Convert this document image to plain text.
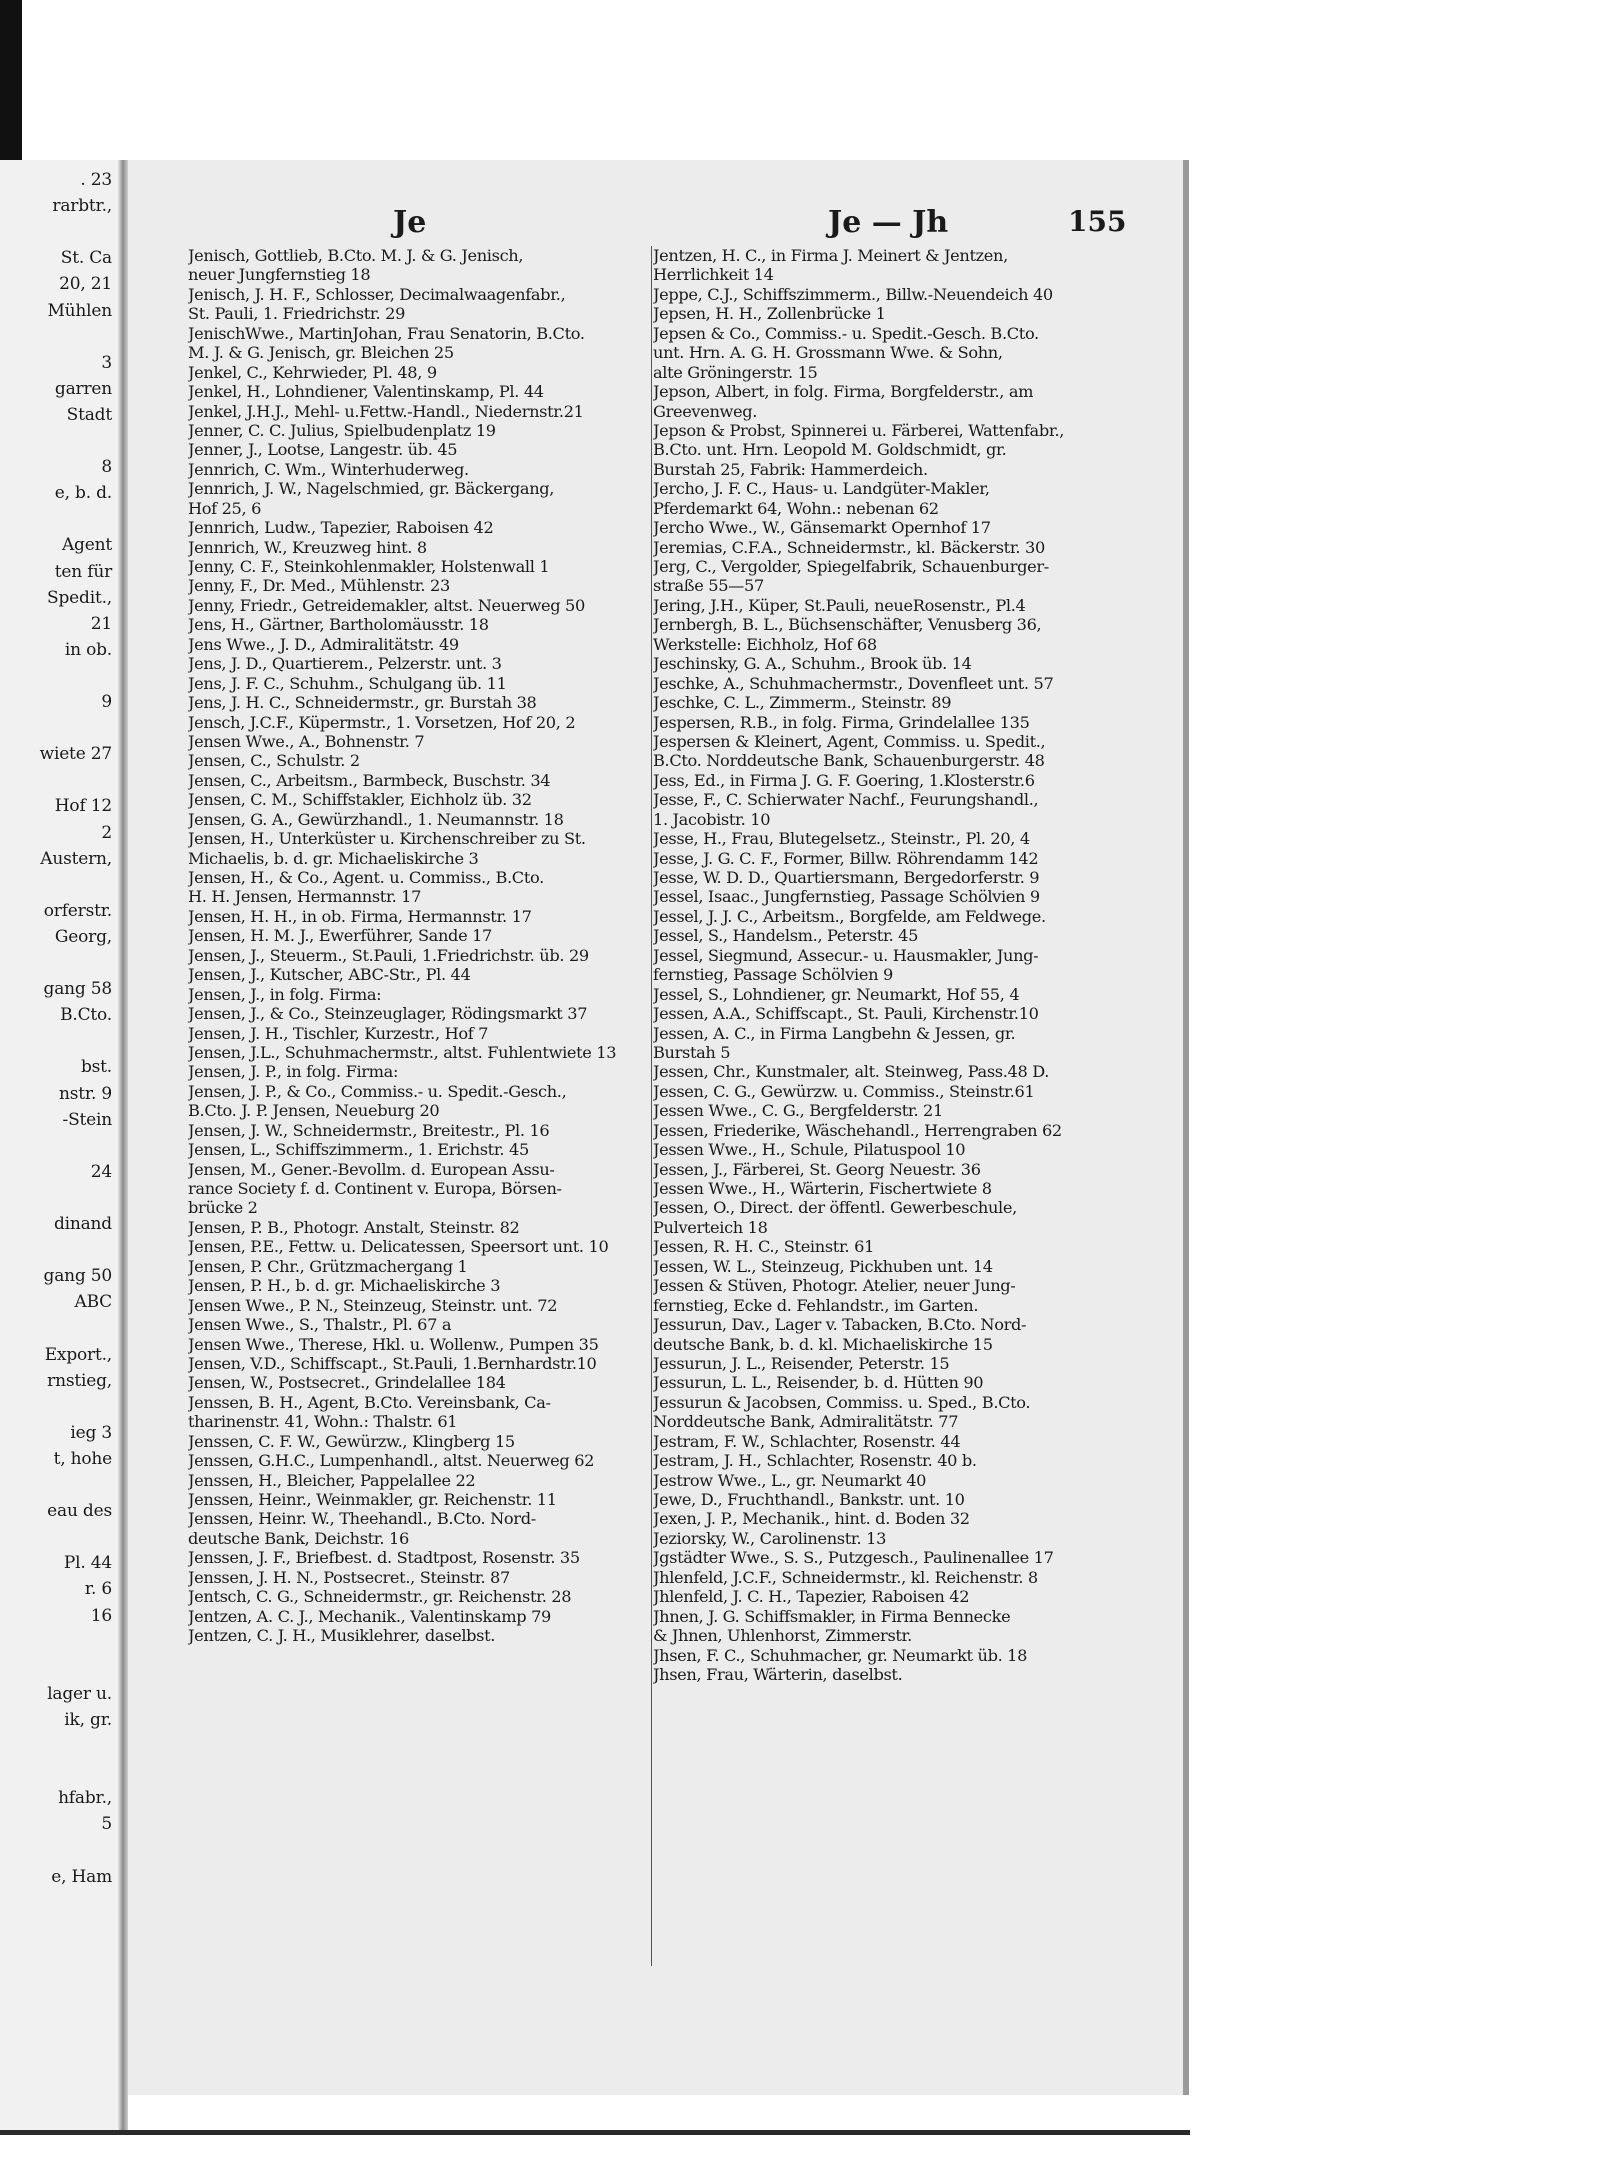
. 23
rarbtr.,
St. Ca
20, 21
Mühlen
3
garren
Stadt
8
e, b. d.
Agent
ten für
Spedit.,
21
in ob.
9
wiete 27
Hof 12
2
Austern,
orferstr.
Georg,
gang 58
B.Cto.
bst.
nstr. 9
-Stein
24
dinand
gang 50
ABC
Export.,
rnstieg,
ieg 3
t, hohe
eau des
Pl. 44
r. 6
16
lager u.
ik, gr.
hfabr.,
5
e, Ham
Je	Je — Jh	155
Jenisch, Gottlieb, B.Cto. M. J. & G. Jenisch,
neuer Jungfernstieg 18
Jenisch, J. H. F., Schlosser, Decimalwaagenfabr.,
St. Pauli, 1. Friedrichstr. 29
JenischWwe., MartinJohan, Frau Senatorin, B.Cto.
M. J. & G. Jenisch, gr. Bleichen 25
Jenkel, C., Kehrwieder, Pl. 48, 9
Jenkel, H., Lohndiener, Valentinskamp, Pl. 44
Jenkel, J.H.J., Mehl- u.Fettw.-Handl., Niedernstr.21
Jenner, C. C. Julius, Spielbudenplatz 19
Jenner, J., Lootse, Langestr. üb. 45
Jennrich, C. Wm., Winterhuderweg.
Jennrich, J. W., Nagelschmied, gr. Bäckergang,
Hof 25, 6
Jennrich, Ludw., Tapezier, Raboisen 42
Jennrich, W., Kreuzweg hint. 8
Jenny, C. F., Steinkohlenmakler, Holstenwall 1
Jenny, F., Dr. Med., Mühlenstr. 23
Jenny, Friedr., Getreidemakler, altst. Neuerweg 50
Jens, H., Gärtner, Bartholomäusstr. 18
Jens Wwe., J. D., Admiralitätstr. 49
Jens, J. D., Quartierem., Pelzerstr. unt. 3
Jens, J. F. C., Schuhm., Schulgang üb. 11
Jens, J. H. C., Schneidermstr., gr. Burstah 38
Jensch, J.C.F., Küpermstr., 1. Vorsetzen, Hof 20, 2
Jensen Wwe., A., Bohnenstr. 7
Jensen, C., Schulstr. 2
Jensen, C., Arbeitsm., Barmbeck, Buschstr. 34
Jensen, C. M., Schiffstakler, Eichholz üb. 32
Jensen, G. A., Gewürzhandl., 1. Neumannstr. 18
Jensen, H., Unterküster u. Kirchenschreiber zu St.
Michaelis, b. d. gr. Michaeliskirche 3
Jensen, H., & Co., Agent. u. Commiss., B.Cto.
H. H. Jensen, Hermannstr. 17
Jensen, H. H., in ob. Firma, Hermannstr. 17
Jensen, H. M. J., Ewerführer, Sande 17
Jensen, J., Steuerm., St.Pauli, 1.Friedrichstr. üb. 29
Jensen, J., Kutscher, ABC-Str., Pl. 44
Jensen, J., in folg. Firma:
Jensen, J., & Co., Steinzeuglager, Rödingsmarkt 37
Jensen, J. H., Tischler, Kurzestr., Hof 7
Jensen, J.L., Schuhmachermstr., altst. Fuhlentwiete 13
Jensen, J. P., in folg. Firma:
Jensen, J. P., & Co., Commiss.- u. Spedit.-Gesch.,
B.Cto. J. P. Jensen, Neueburg 20
Jensen, J. W., Schneidermstr., Breitestr., Pl. 16
Jensen, L., Schiffszimmerm., 1. Erichstr. 45
Jensen, M., Gener.-Bevollm. d. European Assu-
rance Society f. d. Continent v. Europa, Börsen-
brücke 2
Jensen, P. B., Photogr. Anstalt, Steinstr. 82
Jensen, P.E., Fettw. u. Delicatessen, Speersort unt. 10
Jensen, P. Chr., Grützmachergang 1
Jensen, P. H., b. d. gr. Michaeliskirche 3
Jensen Wwe., P. N., Steinzeug, Steinstr. unt. 72
Jensen Wwe., S., Thalstr., Pl. 67 a
Jensen Wwe., Therese, Hkl. u. Wollenw., Pumpen 35
Jensen, V.D., Schiffscapt., St.Pauli, 1.Bernhardstr.10
Jensen, W., Postsecret., Grindelallee 184
Jenssen, B. H., Agent, B.Cto. Vereinsbank, Ca-
tharinenstr. 41, Wohn.: Thalstr. 61
Jenssen, C. F. W., Gewürzw., Klingberg 15
Jenssen, G.H.C., Lumpenhandl., altst. Neuerweg 62
Jenssen, H., Bleicher, Pappelallee 22
Jenssen, Heinr., Weinmakler, gr. Reichenstr. 11
Jenssen, Heinr. W., Theehandl., B.Cto. Nord-
deutsche Bank, Deichstr. 16
Jenssen, J. F., Briefbest. d. Stadtpost, Rosenstr. 35
Jenssen, J. H. N., Postsecret., Steinstr. 87
Jentsch, C. G., Schneidermstr., gr. Reichenstr. 28
Jentzen, A. C. J., Mechanik., Valentinskamp 79
Jentzen, C. J. H., Musiklehrer, daselbst.
Jentzen, H. C., in Firma J. Meinert & Jentzen,
Herrlichkeit 14
Jeppe, C.J., Schiffszimmerm., Billw.-Neuendeich 40
Jepsen, H. H., Zollenbrücke 1
Jepsen & Co., Commiss.- u. Spedit.-Gesch. B.Cto.
unt. Hrn. A. G. H. Grossmann Wwe. & Sohn,
alte Gröningerstr. 15
Jepson, Albert, in folg. Firma, Borgfelderstr., am
Greevenweg.
Jepson & Probst, Spinnerei u. Färberei, Wattenfabr.,
B.Cto. unt. Hrn. Leopold M. Goldschmidt, gr.
Burstah 25, Fabrik: Hammerdeich.
Jercho, J. F. C., Haus- u. Landgüter-Makler,
Pferdemarkt 64, Wohn.: nebenan 62
Jercho Wwe., W., Gänsemarkt Opernhof 17
Jeremias, C.F.A., Schneidermstr., kl. Bäckerstr. 30
Jerg, C., Vergolder, Spiegelfabrik, Schauenburger-
straße 55—57
Jering, J.H., Küper, St.Pauli, neueRosenstr., Pl.4
Jernbergh, B. L., Büchsenschäfter, Venusberg 36,
Werkstelle: Eichholz, Hof 68
Jeschinsky, G. A., Schuhm., Brook üb. 14
Jeschke, A., Schuhmachermstr., Dovenfleet unt. 57
Jeschke, C. L., Zimmerm., Steinstr. 89
Jespersen, R.B., in folg. Firma, Grindelallee 135
Jespersen & Kleinert, Agent, Commiss. u. Spedit.,
B.Cto. Norddeutsche Bank, Schauenburgerstr. 48
Jess, Ed., in Firma J. G. F. Goering, 1.Klosterstr.6
Jesse, F., C. Schierwater Nachf., Feurungshandl.,
1. Jacobistr. 10
Jesse, H., Frau, Blutegelsetz., Steinstr., Pl. 20, 4
Jesse, J. G. C. F., Former, Billw. Röhrendamm 142
Jesse, W. D. D., Quartiersmann, Bergedorferstr. 9
Jessel, Isaac., Jungfernstieg, Passage Schölvien 9
Jessel, J. J. C., Arbeitsm., Borgfelde, am Feldwege.
Jessel, S., Handelsm., Peterstr. 45
Jessel, Siegmund, Assecur.- u. Hausmakler, Jung-
fernstieg, Passage Schölvien 9
Jessel, S., Lohndiener, gr. Neumarkt, Hof 55, 4
Jessen, A.A., Schiffscapt., St. Pauli, Kirchenstr.10
Jessen, A. C., in Firma Langbehn & Jessen, gr.
Burstah 5
Jessen, Chr., Kunstmaler, alt. Steinweg, Pass.48 D.
Jessen, C. G., Gewürzw. u. Commiss., Steinstr.61
Jessen Wwe., C. G., Bergfelderstr. 21
Jessen, Friederike, Wäschehandl., Herrengraben 62
Jessen Wwe., H., Schule, Pilatuspool 10
Jessen, J., Färberei, St. Georg Neuestr. 36
Jessen Wwe., H., Wärterin, Fischertwiete 8
Jessen, O., Direct. der öffentl. Gewerbeschule,
Pulverteich 18
Jessen, R. H. C., Steinstr. 61
Jessen, W. L., Steinzeug, Pickhuben unt. 14
Jessen & Stüven, Photogr. Atelier, neuer Jung-
fernstieg, Ecke d. Fehlandstr., im Garten.
Jessurun, Dav., Lager v. Tabacken, B.Cto. Nord-
deutsche Bank, b. d. kl. Michaeliskirche 15
Jessurun, J. L., Reisender, Peterstr. 15
Jessurun, L. L., Reisender, b. d. Hütten 90
Jessurun & Jacobsen, Commiss. u. Sped., B.Cto.
Norddeutsche Bank, Admiralitätstr. 77
Jestram, F. W., Schlachter, Rosenstr. 44
Jestram, J. H., Schlachter, Rosenstr. 40 b.
Jestrow Wwe., L., gr. Neumarkt 40
Jewe, D., Fruchthandl., Bankstr. unt. 10
Jexen, J. P., Mechanik., hint. d. Boden 32
Jeziorsky, W., Carolinenstr. 13
Jgstädter Wwe., S. S., Putzgesch., Paulinenallee 17
Jhlenfeld, J.C.F., Schneidermstr., kl. Reichenstr. 8
Jhlenfeld, J. C. H., Tapezier, Raboisen 42
Jhnen, J. G. Schiffsmakler, in Firma Bennecke
& Jhnen, Uhlenhorst, Zimmerstr.
Jhsen, F. C., Schuhmacher, gr. Neumarkt üb. 18
Jhsen, Frau, Wärterin, daselbst.
